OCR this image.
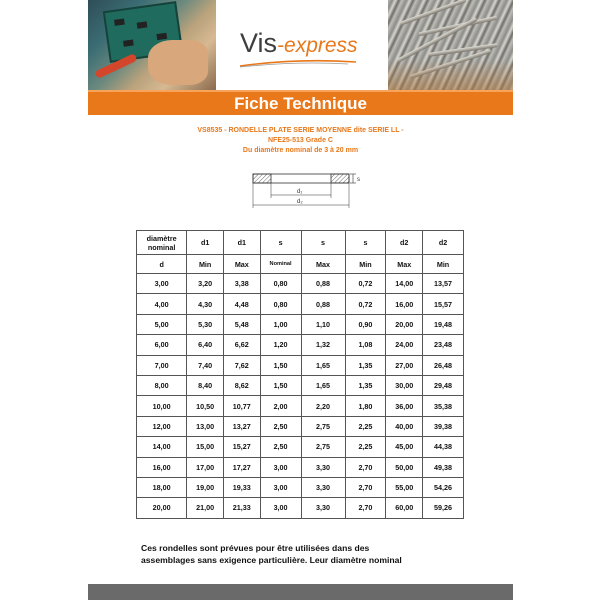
Vis-express
Fiche Technique
VS8535 - RONDELLE PLATE SERIE MOYENNE dite SERIE LL -
NFE25-513 Grade C
Du diamètre nominal de 3 à 20 mm
s
d₁
d₂
diamètre nominal	d1	d1	s	s	s	d2	d2
d	Min	Max	Nominal	Max	Min	Max	Min
3,00	3,20	3,38	0,80	0,88	0,72	14,00	13,57
4,00	4,30	4,48	0,80	0,88	0,72	16,00	15,57
5,00	5,30	5,48	1,00	1,10	0,90	20,00	19,48
6,00	6,40	6,62	1,20	1,32	1,08	24,00	23,48
7,00	7,40	7,62	1,50	1,65	1,35	27,00	26,48
8,00	8,40	8,62	1,50	1,65	1,35	30,00	29,48
10,00	10,50	10,77	2,00	2,20	1,80	36,00	35,38
12,00	13,00	13,27	2,50	2,75	2,25	40,00	39,38
14,00	15,00	15,27	2,50	2,75	2,25	45,00	44,38
16,00	17,00	17,27	3,00	3,30	2,70	50,00	49,38
18,00	19,00	19,33	3,00	3,30	2,70	55,00	54,26
20,00	21,00	21,33	3,00	3,30	2,70	60,00	59,26
Ces rondelles sont prévues pour être utilisées dans des
assemblages sans exigence particulière. Leur diamètre nominal
